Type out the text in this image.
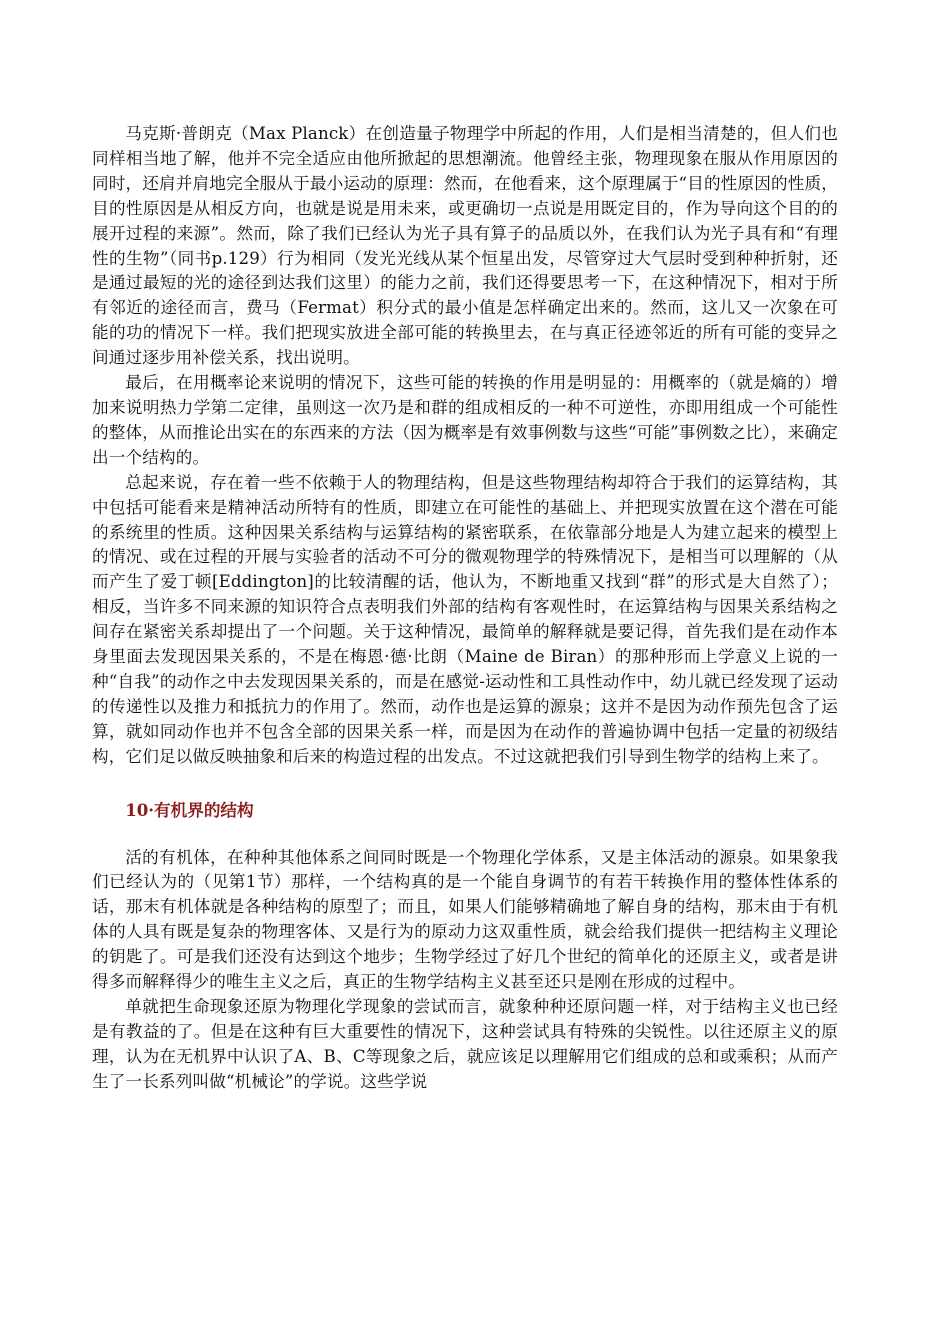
马克斯·普朗克（Max Planck）在创造量子物理学中所起的作用，人们是相当清楚的，但人们也同样相当地了解，他并不完全适应由他所掀起的思想潮流。他曾经主张，物理现象在服从作用原因的同时，还肩并肩地完全服从于最小运动的原理：然而，在他看来，这个原理属于“目的性原因的性质，目的性原因是从相反方向，也就是说是用未来，或更确切一点说是用既定目的，作为导向这个目的的展开过程的来源”。然而，除了我们已经认为光子具有算子的品质以外，在我们认为光子具有和“有理性的生物”（同书p.129）行为相同（发光光线从某个恒星出发，尽管穿过大气层时受到种种折射，还是通过最短的光的途径到达我们这里）的能力之前，我们还得要思考一下，在这种情况下，相对于所有邻近的途径而言，费马（Fermat）积分式的最小值是怎样确定出来的。然而，这儿又一次象在可能的功的情况下一样。我们把现实放进全部可能的转换里去，在与真正径迹邻近的所有可能的变异之间通过逐步用补偿关系，找出说明。

最后，在用概率论来说明的情况下，这些可能的转换的作用是明显的：用概率的（就是熵的）增加来说明热力学第二定律，虽则这一次乃是和群的组成相反的一种不可逆性，亦即用组成一个可能性的整体，从而推论出实在的东西来的方法（因为概率是有效事例数与这些“可能”事例数之比），来确定出一个结构的。

总起来说，存在着一些不依赖于人的物理结构，但是这些物理结构却符合于我们的运算结构，其中包括可能看来是精神活动所特有的性质，即建立在可能性的基础上、并把现实放置在这个潜在可能的系统里的性质。这种因果关系结构与运算结构的紧密联系，在依靠部分地是人为建立起来的模型上的情况、或在过程的开展与实验者的活动不可分的微观物理学的特殊情况下，是相当可以理解的（从而产生了爱丁顿[Eddington]的比较清醒的话，他认为，不断地重又找到“群”的形式是大自然了）；相反，当许多不同来源的知识符合点表明我们外部的结构有客观性时，在运算结构与因果关系结构之间存在紧密关系却提出了一个问题。关于这种情况，最简单的解释就是要记得，首先我们是在动作本身里面去发现因果关系的，不是在梅恩·德·比朗（Maine de Biran）的那种形而上学意义上说的一种“自我”的动作之中去发现因果关系的，而是在感觉-运动性和工具性动作中，幼儿就已经发现了运动的传递性以及推力和抵抗力的作用了。然而，动作也是运算的源泉；这并不是因为动作预先包含了运算，就如同动作也并不包含全部的因果关系一样，而是因为在动作的普遍协调中包括一定量的初级结构，它们足以做反映抽象和后来的构造过程的出发点。不过这就把我们引导到生物学的结构上来了。

10·有机界的结构

活的有机体，在种种其他体系之间同时既是一个物理化学体系，又是主体活动的源泉。如果象我们已经认为的（见第1节）那样，一个结构真的是一个能自身调节的有若干转换作用的整体性体系的话，那末有机体就是各种结构的原型了；而且，如果人们能够精确地了解自身的结构，那末由于有机体的人具有既是复杂的物理客体、又是行为的原动力这双重性质，就会给我们提供一把结构主义理论的钥匙了。可是我们还没有达到这个地步；生物学经过了好几个世纪的简单化的还原主义，或者是讲得多而解释得少的唯生主义之后，真正的生物学结构主义甚至还只是刚在形成的过程中。

单就把生命现象还原为物理化学现象的尝试而言，就象种种还原问题一样，对于结构主义也已经是有教益的了。但是在这种有巨大重要性的情况下，这种尝试具有特殊的尖锐性。以往还原主义的原理，认为在无机界中认识了A、B、C等现象之后，就应该足以理解用它们组成的总和或乘积；从而产生了一长系列叫做“机械论”的学说。这些学说
